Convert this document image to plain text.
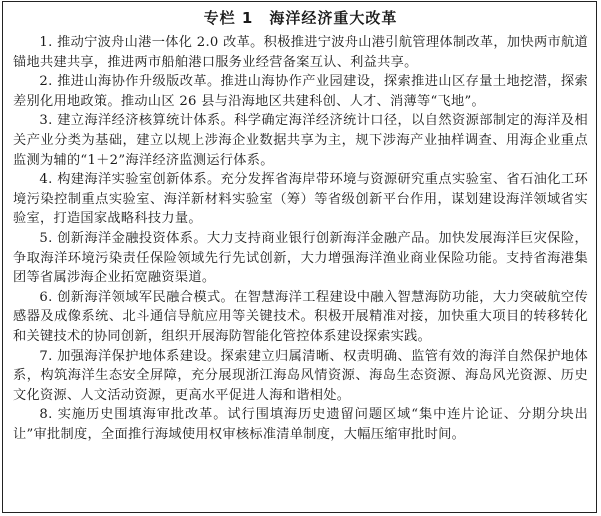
专栏 1 海洋经济重大改革

1. 推动宁波舟山港一体化 2.0 改革。积极推进宁波舟山港引航管理体制改革，加快两市航道锚地共建共享，推进两市船舶港口服务业经营备案互认、利益共享。

2. 推进山海协作升级版改革。推进山海协作产业园建设，探索推进山区存量土地挖潜，探索差别化用地政策。推动山区 26 县与沿海地区共建科创、人才、消薄等“飞地”。

3. 建立海洋经济核算统计体系。科学确定海洋经济统计口径，以自然资源部制定的海洋及相关产业分类为基础，建立以规上涉海企业数据共享为主，规下涉海产业抽样调查、用海企业重点监测为辅的“1＋2”海洋经济监测运行体系。

4. 构建海洋实验室创新体系。充分发挥省海岸带环境与资源研究重点实验室、省石油化工环境污染控制重点实验室、海洋新材料实验室（筹）等省级创新平台作用，谋划建设海洋领域省实验室，打造国家战略科技力量。

5. 创新海洋金融投资体系。大力支持商业银行创新海洋金融产品。加快发展海洋巨灾保险，争取海洋环境污染责任保险领域先行先试创新，大力增强海洋渔业商业保险功能。支持省海港集团等省属涉海企业拓宽融资渠道。

6. 创新海洋领域军民融合模式。在智慧海洋工程建设中融入智慧海防功能，大力突破航空传感器及成像系统、北斗通信导航应用等关键技术。积极开展精准对接，加快重大项目的转移转化和关键技术的协同创新，组织开展海防智能化管控体系建设探索实践。

7. 加强海洋保护地体系建设。探索建立归属清晰、权责明确、监管有效的海洋自然保护地体系，构筑海洋生态安全屏障，充分展现浙江海岛风情资源、海岛生态资源、海岛风光资源、历史文化资源、人文活动资源，更高水平促进人海和谐相处。

8. 实施历史围填海审批改革。试行围填海历史遗留问题区域“集中连片论证、分期分块出让”审批制度，全面推行海域使用权审核标准清单制度，大幅压缩审批时间。
